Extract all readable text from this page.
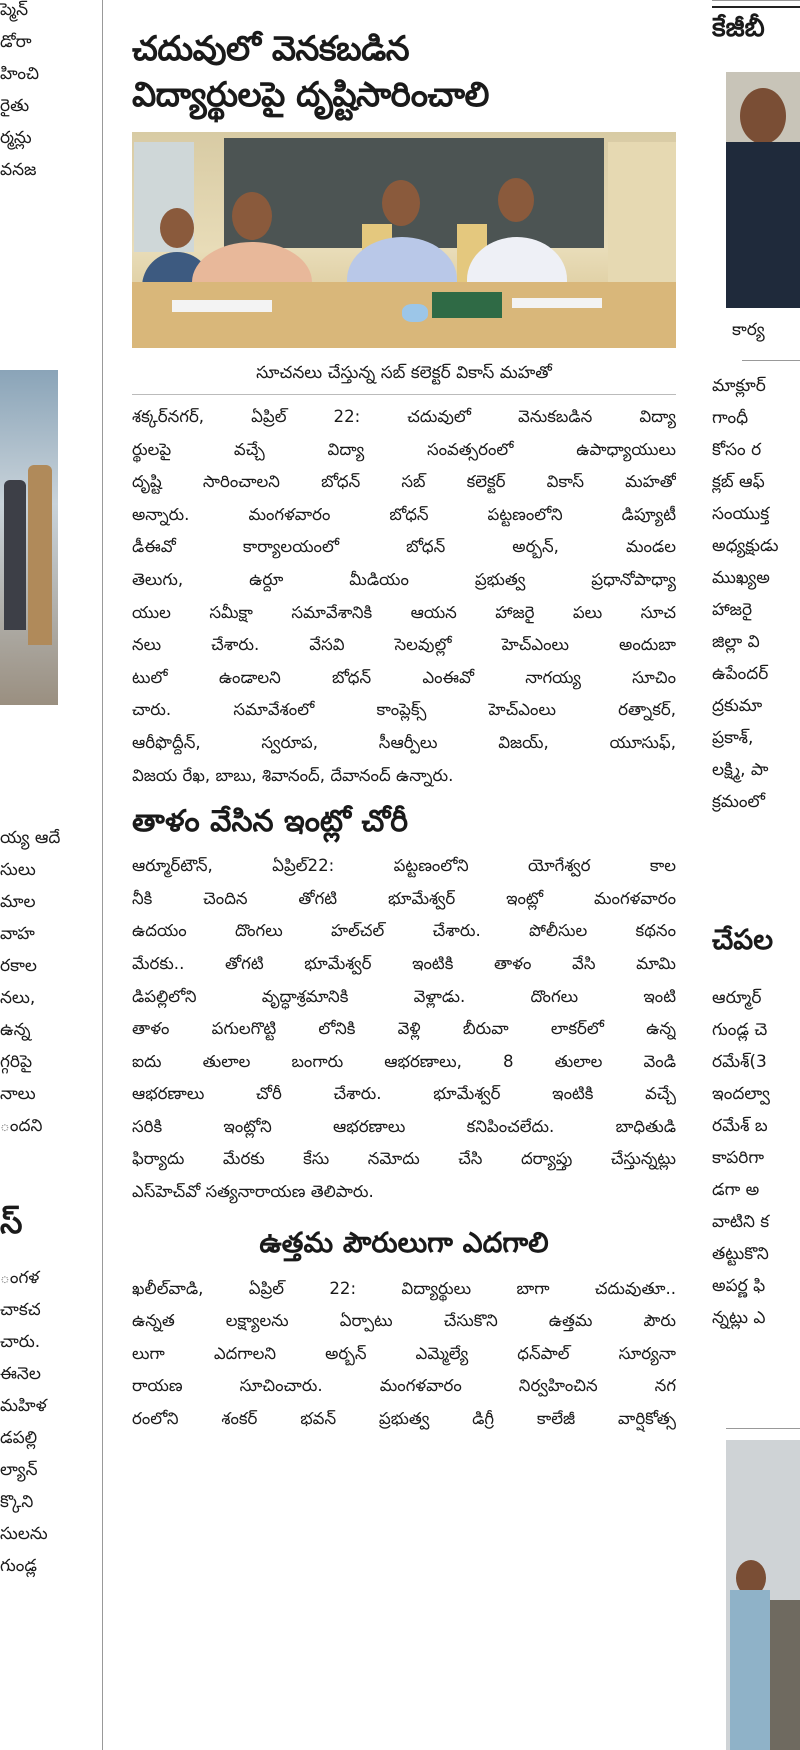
ప్మెన్
డోరా
హించి
రైతు
ర్మన్లు
వనజ
య్య ఆదే
సులు
మాల
వాహ
రకాల
నలు,
ఉన్న
గ్గరిపై
నాలు
ందని
స్
ంగళ
చాకచ
చారు.
ఈనెల
మహిళ
డపల్లి
ల్యాన్
క్కొని
సులను
గుండ్ల
చదువులో వెనకబడిన
విద్యార్థులపై దృష్టిసారించాలి
సూచనలు చేస్తున్న సబ్ కలెక్టర్ వికాస్ మహతో
శక్కర్‌నగర్, ఏప్రిల్ 22: చదువులో వెనుకబడిన విద్యా
ర్థులపై వచ్చే విద్యా సంవత్సరంలో ఉపాధ్యాయులు
దృష్టి సారించాలని బోధన్ సబ్ కలెక్టర్ వికాస్ మహతో
అన్నారు. మంగళవారం బోధన్ పట్టణంలోని డిప్యూటీ
డీఈవో కార్యాలయంలో బోధన్ అర్బన్, మండల
తెలుగు, ఉర్దూ మీడియం ప్రభుత్వ ప్రధానోపాధ్యా
యుల సమీక్షా సమావేశానికి ఆయన హాజరై పలు సూచ
నలు చేశారు. వేసవి సెలవుల్లో హెచ్‌ఎంలు అందుబా
టులో ఉండాలని బోధన్ ఎంఈవో నాగయ్య సూచిం
చారు. సమావేశంలో కాంప్లెక్స్ హెచ్‌ఎంలు రత్నాకర్,
ఆరీఫొద్దీన్, స్వరూప, సీఆర్పీలు విజయ్, యూసుఫ్,
విజయ రేఖ, బాబు, శివానంద్, దేవానంద్ ఉన్నారు.
తాళం వేసిన ఇంట్లో చోరీ
ఆర్మూర్‌టౌన్, ఏప్రిల్22: పట్టణంలోని యోగేశ్వర కాల
నీకి చెందిన తోగటి భూమేశ్వర్ ఇంట్లో మంగళవారం
ఉదయం దొంగలు హల్‌చల్ చేశారు. పోలీసుల కథనం
మేరకు.. తోగటి భూమేశ్వర్ ఇంటికి తాళం వేసి మామి
డిపల్లిలోని వృద్ధాశ్రమానికి వెళ్లాడు. దొంగలు ఇంటి
తాళం పగులగొట్టి లోనికి వెళ్లి బీరువా లాకర్‌లో ఉన్న
ఐదు తులాల బంగారు ఆభరణాలు, 8 తులాల వెండి
ఆభరణాలు చోరీ చేశారు. భూమేశ్వర్ ఇంటికి వచ్చే
సరికి ఇంట్లోని ఆభరణాలు కనిపించలేదు. బాధితుడి
ఫిర్యాదు మేరకు కేసు నమోదు చేసి దర్యాప్తు చేస్తున్నట్లు
ఎస్‌హెచ్‌వో సత్యనారాయణ తెలిపారు.
ఉత్తమ పౌరులుగా ఎదగాలి
ఖలీల్‌వాడి, ఏప్రిల్ 22: విద్యార్థులు బాగా చదువుతూ..
ఉన్నత లక్ష్యాలను ఏర్పాటు చేసుకొని ఉత్తమ పౌరు
లుగా ఎదగాలని అర్బన్ ఎమ్మెల్యే ధన్‌పాల్ సూర్యనా
రాయణ సూచించారు. మంగళవారం నిర్వహించిన నగ
రంలోని శంకర్ భవన్ ప్రభుత్వ డిగ్రీ కాలేజీ వార్షికోత్స
కేజీబీ
కార్య
మాక్లూర్
గాంధీ
కోసం ర
క్లబ్ ఆఫ్
సంయుక్త
అధ్యక్షుడు
ముఖ్యఅ
హాజరై
జిల్లా వి
ఉపేందర్
ద్రకుమా
ప్రకాశ్,
లక్ష్మి, పా
క్రమంలో
చేపల
ఆర్మూర్
గుండ్ల చె
రమేశ్(3
ఇందల్వా
రమేశ్ బ
కాపరిగా
డగా అ
వాటిని క
తట్టుకొని
అపర్ణ ఫి
న్నట్లు ఎ
